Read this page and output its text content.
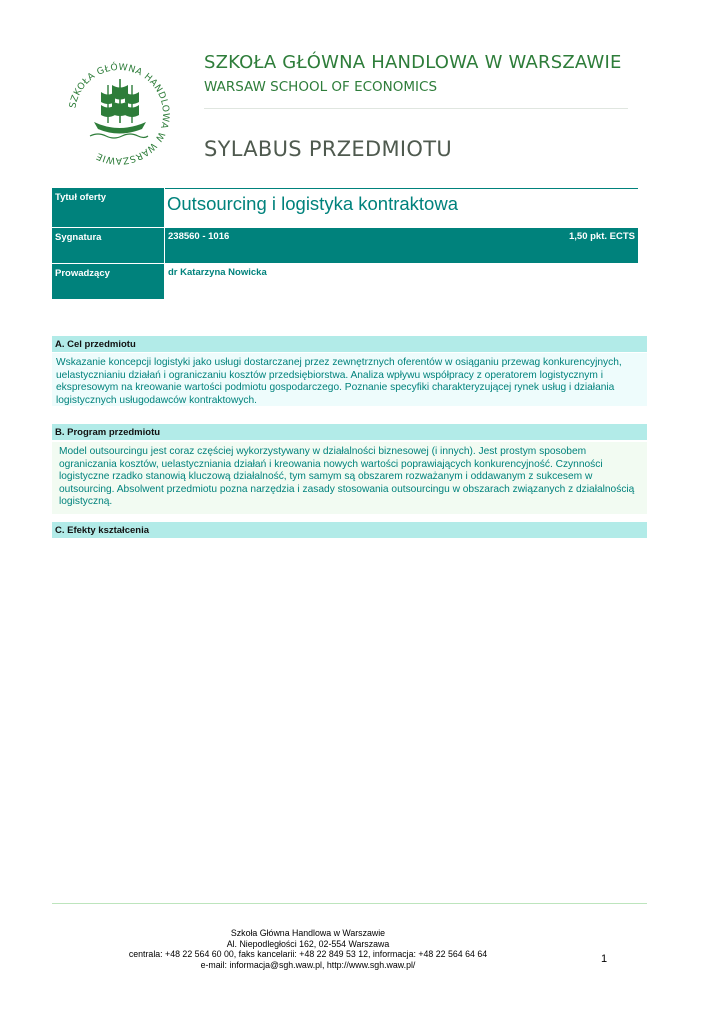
SZKOŁA GŁÓWNA HANDLOWA W WARSZAWIE
SZKOŁA GŁÓWNA HANDLOWA W WARSZAWIE
WARSAW SCHOOL OF ECONOMICS
SYLABUS PRZEDMIOTU
Tytuł oferty	Outsourcing i logistyka kontraktowa
Sygnatura	238560 - 1016	1,50 pkt. ECTS
Prowadzący	dr Katarzyna Nowicka
A. Cel przedmiotu
Wskazanie koncepcji logistyki jako usługi dostarczanej przez zewnętrznych oferentów w osiąganiu przewag konkurencyjnych, uelastycznianiu działań i ograniczaniu kosztów przedsiębiorstwa. Analiza wpływu współpracy z operatorem logistycznym i ekspresowym na kreowanie wartości podmiotu gospodarczego. Poznanie specyfiki charakteryzującej rynek usług i działania logistycznych usługodawców kontraktowych.
B. Program przedmiotu
Model outsourcingu jest coraz częściej wykorzystywany w działalności biznesowej (i innych). Jest prostym sposobem ograniczania kosztów, uelastyczniania działań i kreowania nowych wartości poprawiających konkurencyjność. Czynności logistyczne rzadko stanowią kluczową działalność, tym samym są obszarem rozważanym i oddawanym z sukcesem w outsourcing. Absolwent przedmiotu pozna narzędzia i zasady stosowania outsourcingu w obszarach związanych z działalnością logistyczną.
C. Efekty kształcenia
Szkoła Główna Handlowa w Warszawie
Al. Niepodległości 162, 02-554 Warszawa
centrala: +48 22 564 60 00, faks kancelarii: +48 22 849 53 12, informacja: +48 22 564 64 64
e-mail: informacja@sgh.waw.pl, http://www.sgh.waw.pl/	1
